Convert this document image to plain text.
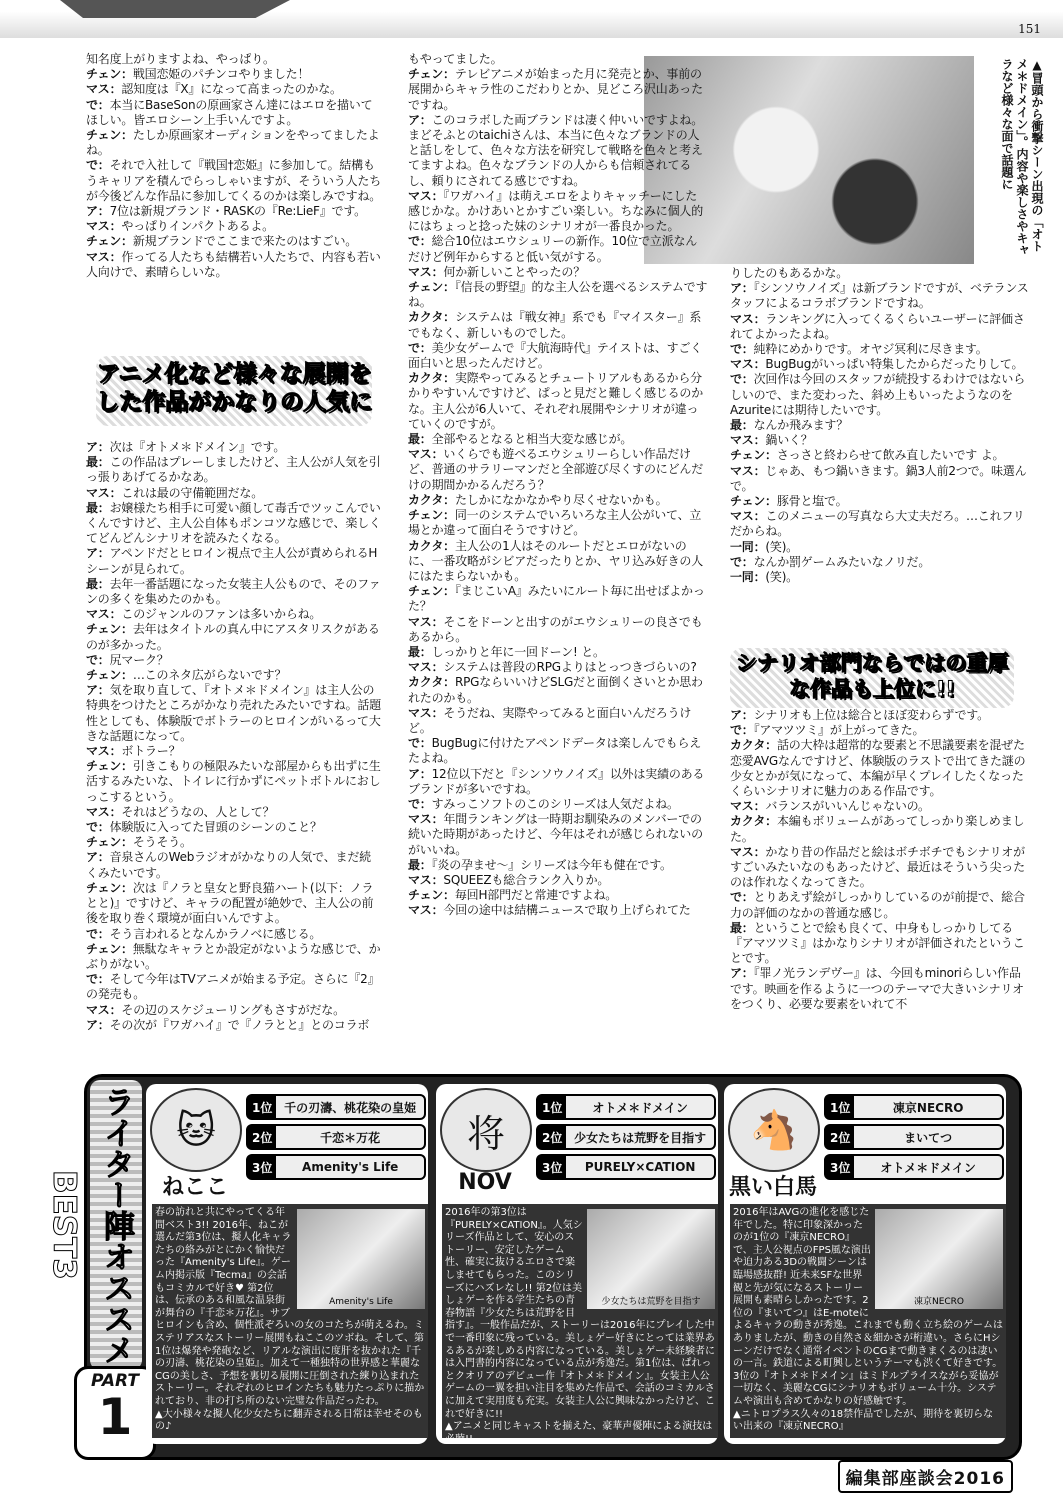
151
▲冒頭から衝撃シーン出現の「オトメ＊ドメイン」。内容や楽しさやキャラなど様々な面で話題に

知名度上がりますよね、やっぱり。

チェン：戦国恋姫のパチンコやりました！

マス：認知度は『X』になって高まったのかな。

で：本当にBaseSonの原画家さん達にはエロを描いてほしい。皆エロシーン上手いんですよ。

チェン：たしか原画家オーディションをやってましたよね。

で：それで入社して『戦国†恋姫』に参加して。結構もうキャリアを積んでらっしゃいますが、そういう人たちが今後どんな作品に参加してくるのかは楽しみですね。

ア：7位は新規ブランド・RASKの『Re:LieF』です。

マス：やっぱりインパクトあるよ。

チェン：新規ブランドでここまで来たのはすごい。

マス：作ってる人たちも結構若い人たちで、内容も若い人向けで、素晴らしいな。

アニメ化など様々な展開をした作品がかなりの人気に

ア：次は『オトメ＊ドメイン』です。

最：この作品はプレーしましたけど、主人公が人気を引っ張りあげてるかなあ。

マス：これは最の守備範囲だな。

最：お嬢様たち相手に可愛い顔して毒舌でツッこんでいくんですけど、主人公自体もポンコツな感じで、楽しくてどんどんシナリオを読みたくなる。

ア：アペンドだとヒロイン視点で主人公が責められるHシーンが見られて。

最：去年一番話題になった女装主人公もので、そのファンの多くを集めたのかも。

マス：このジャンルのファンは多いからね。

チェン：去年はタイトルの真ん中にアスタリスクがあるのが多かった。

で：尻マーク？

チェン：…このネタ広がらないです？

ア：気を取り直して、『オトメ＊ドメイン』は主人公の特典をつけたところがかなり売れたみたいですね。話題性としても、体験版でボトラーのヒロインがいるって大きな話題になって。

マス：ボトラー？

チェン：引きこもりの極限みたいな部屋からも出ずに生活するみたいな、トイレに行かずにペットボトルにおしっこするという。

マス：それはどうなの、人として？

で：体験版に入ってた冒頭のシーンのこと？

チェン：そうそう。

ア：音泉さんのWebラジオがかなりの人気で、まだ続くみたいです。

チェン：次は『ノラと皇女と野良猫ハート(以下：ノラとと)』ですけど、キャラの配置が絶妙で、主人公の前後を取り巻く環境が面白いんですよ。

で：そう言われるとなんかラノベに感じる。

チェン：無駄なキャラとか設定がないような感じで、かぶりがない。

で：そして今年はTVアニメが始まる予定。さらに『2』の発売も。

マス：その辺のスケジューリングもさすがだな。

ア：その次が『ワガハイ』で『ノラとと』とのコラボ

もやってました。

チェン：テレビアニメが始まった月に発売とか、事前の展開からキャラ性のこだわりとか、見どころ沢山あったですね。

ア：このコラボした両ブランドは凄く仲いいですよね。まどそふとのtaichiさんは、本当に色々なブランドの人と話しをして、色々な方法を研究して戦略を色々と考えてますよね。色々なブランドの人からも信頼されてるし、頼りにされてる感じですね。

マス：『ワガハイ』は萌えエロをよりキャッチーにした感じかな。かけあいとかすごい楽しい。ちなみに個人的にはちょっと捻った妹のシナリオが一番良かった。

で：総合10位はエウシュリーの新作。10位で立派なんだけど例年からすると低い気がする。

マス：何か新しいことやったの？

チェン：『信長の野望』的な主人公を選べるシステムですね。

カクタ：システムは『戦女神』系でも『マイスター』系でもなく、新しいものでした。

で：美少女ゲームで『大航海時代』テイストは、すごく面白いと思ったんだけど。

カクタ：実際やってみるとチュートリアルもあるから分かりやすいんですけど、ぱっと見だと難しく感じるのかな。主人公が6人いて、それぞれ展開やシナリオが違っていくのですが。

最：全部やるとなると相当大変な感じが。

マス：いくらでも遊べるエウシュリーらしい作品だけど、普通のサラリーマンだと全部遊び尽くすのにどんだけの期間かかるんだろう？

カクタ：たしかになかなかやり尽くせないかも。

チェン：同一のシステムでいろいろな主人公がいて、立場とか違って面白そうですけど。

カクタ：主人公の1人はそのルートだとエロがないのに、一番攻略がシビアだったりとか、ヤリ込み好きの人にはたまらないかも。

チェン：『まじこいA』みたいにルート毎に出せばよかった？

マス：そこをドーンと出すのがエウシュリーの良さでもあるから。

最：しっかりと年に一回ドーン! と。

マス：システムは普段のRPGよりはとっつきづらいの?

カクタ：RPGならいいけどSLGだと面倒くさいとか思われたのかも。

マス：そうだね、実際やってみると面白いんだろうけど。

で：BugBugに付けたアペンドデータは楽しんでもらえたよね。

ア：12位以下だと『シンソウノイズ』以外は実績のあるブランドが多いですね。

で：すみっこソフトのこのシリーズは人気だよね。

マス：年間ランキングは一時期お馴染みのメンバーでの続いた時期があったけど、今年はそれが感じられないのがいいね。

最：『炎の孕ませ～』シリーズは今年も健在です。

マス：SQUEEZも総合ランク入りか。

チェン：毎回H部門だと常連ですよね。

マス：今回の途中は結構ニュースで取り上げられてた

りしたのもあるかな。

ア：『シンソウノイズ』は新ブランドですが、ベテランスタッフによるコラボブランドですね。

マス：ランキングに入ってくるくらいユーザーに評価されてよかったよね。

で：純粋にめかりです。オヤジ冥利に尽きます。

マス：BugBugがいっぱい特集したからだったりして。

で：次回作は今回のスタッフが続投するわけではないらしいので、また変わった、斜め上もいったようなのをAzuriteには期待したいです。

最：なんか飛みます？

マス：鍋いく？

チェン：さっさと終わらせて飲み直したいです よ。

マス：じゃあ、もつ鍋いきます。鍋3人前2つで。味選んで。

チェン：豚骨と塩で。

マス：このメニューの写真なら大丈夫だろ。…これフリだからね。

一同：(笑)。

で：なんか罰ゲームみたいなノリだ。

一同：(笑)。

シナリオ部門ならではの重厚な作品も上位に!!

ア：シナリオも上位は総合とほぼ変わらずです。

で：『アマツツミ』が上がってきた。

カクタ：話の大枠は超常的な要素と不思議要素を混ぜた恋愛AVGなんですけど、体験版のラストで出てきた謎の少女とかが気になって、本編が早くプレイしたくなったくらいシナリオに魅力のある作品です。

マス：バランスがいいんじゃないの。

カクタ：本編もボリュームがあってしっかり楽しめました。

マス：かなり昔の作品だと絵はボチボチでもシナリオがすごいみたいなのもあったけど、最近はそういう尖ったのは作れなくなってきた。

で：とりあえず絵がしっかりしているのが前提で、総合力の評価のなかの普通な感じ。

最：ということで絵も良くて、中身もしっかりしてる『アマツツミ』はかなりシナリオが評価されたということです。

ア：『罪ノ光ランデヴー』は、今回もminoriらしい作品です。映画を作るように一つのテーマで大きいシナリオをつくり、必要な要素をいれて不

ライター陣オススメBEST3
PART
1
🐱
ねここ
1位 千の刃濤、桃花染の皇姫
2位	千恋＊万花
3位	Amenity's Life
Amenity's Life
春の訪れと共にやってくる年間ベスト3!! 2016年、ねこが選んだ第3位は、擬人化キャラたちの絡みがとにかく愉快だった『Amenity's Life』。ゲーム内掲示版『Tecma』の会話もコミカルで好き♥ 第2位は、伝承のある和風な温泉街が舞台の『千恋＊万花』。サブヒロインも含め、個性派ぞろいの女のコたちが萌えるわ。ミステリアスなストーリー展開もねここのツボね。そして、第1位は爆発や発砲など、リアルな演出に度肝を抜かれた『千の刃濤、桃花染の皇姫』。加えて一種独特の世界感と華麗なCGの美しさ、予想を裏切る展開に圧倒された練り込まれたストーリー。それぞれのヒロインたちも魅力たっぷりに描かれており、非の打ち所のない完璧な作品だったわ。
▲大小様々な擬人化少女たちに翻弄される日常は幸せそのもの♪
将
NOV
1位	オトメ＊ドメイン
2位 少女たちは荒野を目指す
3位	PURELY×CATION
少女たちは荒野を目指す
2016年の第3位は『PURELY×CATION』。人気シリーズ作品として、安心のストーリー、安定したゲーム性、確実に抜けるエロさで楽しませてもらった。このシリーズにハズレなし!! 第2位は美しょゲーを作る学生たちの青春物語『少女たちは荒野を目指す』。一般作品だが、ストーリーは2016年にプレイした中で一番印象に残っている。美しょゲー好きにとっては業界あるあるが楽しめる内容になっている。美しょゲー未経験者には入門書的内容になっている点が秀逸だ。第1位は、ぱれっとクオリアのデビュー作『オトメ＊ドメイン』。女装主人公ゲームの一翼を担い注目を集めた作品で、会話のコミカルさに加えて実用度も充実。女装主人公に興味なかったけど、これで好きに!!
▲アニメと同じキャストを揃えた、豪華声優陣による演技は必聴!!
🐴
黒い白馬
1位	凍京NECRO
2位	まいてつ
3位	オトメ＊ドメイン
凍京NECRO
2016年はAVGの進化を感じた年でした。特に印象深かったのが1位の『凍京NECRO』で、主人公視点のFPS風な演出や迫力ある3Dの戦闘シーンは臨場感抜群! 近未来SFな世界観と先が気になるストーリー展開も素晴らしかったです。2位の『まいてつ』はE-moteによるキャラの動きが秀逸。これまでも動く立ち絵のゲームはありましたが、動きの自然さ＆細かさが桁違い。さらにHシーンだけでなく通常イベントのCGまで動きまくるのは凄いの一言。鉄道による町興しというテーマも渋くて好きです。3位の『オトメ＊ドメイン』はミドルプライスながら妥協が一切なく、美麗なCGにシナリオもボリューム十分。システムや演出も含めてかなりの好感触です。
▲ニトロプラス久々の18禁作品でしたが、期待を裏切らない出来の『凍京NECRO』
編集部座談会2016
